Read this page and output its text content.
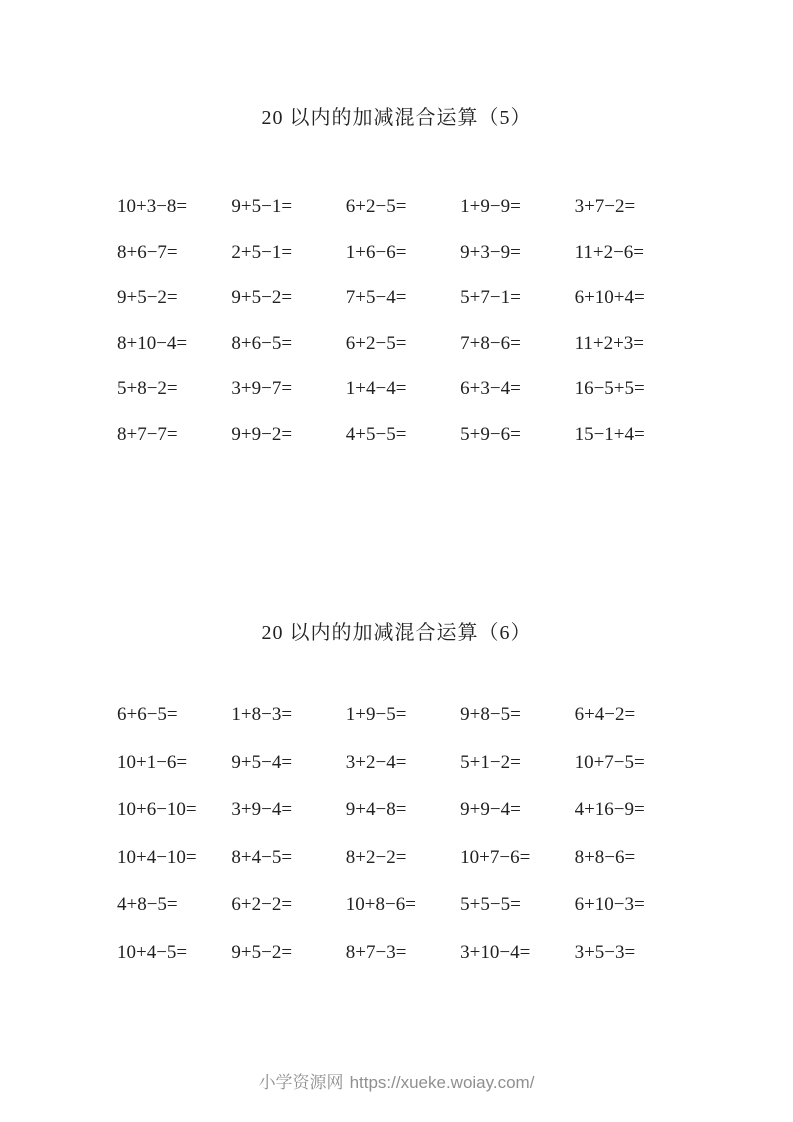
20 以内的加减混合运算（5）
10+3−8=	9+5−1=	6+2−5=	1+9−9=	3+7−2=
8+6−7=	2+5−1=	1+6−6=	9+3−9=	11+2−6=
9+5−2=	9+5−2=	7+5−4=	5+7−1=	6+10+4=
8+10−4=	8+6−5=	6+2−5=	7+8−6=	11+2+3=
5+8−2=	3+9−7=	1+4−4=	6+3−4=	16−5+5=
8+7−7=	9+9−2=	4+5−5=	5+9−6=	15−1+4=
20 以内的加减混合运算（6）
6+6−5=	1+8−3=	1+9−5=	9+8−5=	6+4−2=
10+1−6=	9+5−4=	3+2−4=	5+1−2=	10+7−5=
10+6−10=	3+9−4=	9+4−8=	9+9−4=	4+16−9=
10+4−10=	8+4−5=	8+2−2=	10+7−6=	8+8−6=
4+8−5=	6+2−2=	10+8−6=	5+5−5=	6+10−3=
10+4−5=	9+5−2=	8+7−3=	3+10−4=	3+5−3=
小学资源网 https://xueke.woiay.com/
